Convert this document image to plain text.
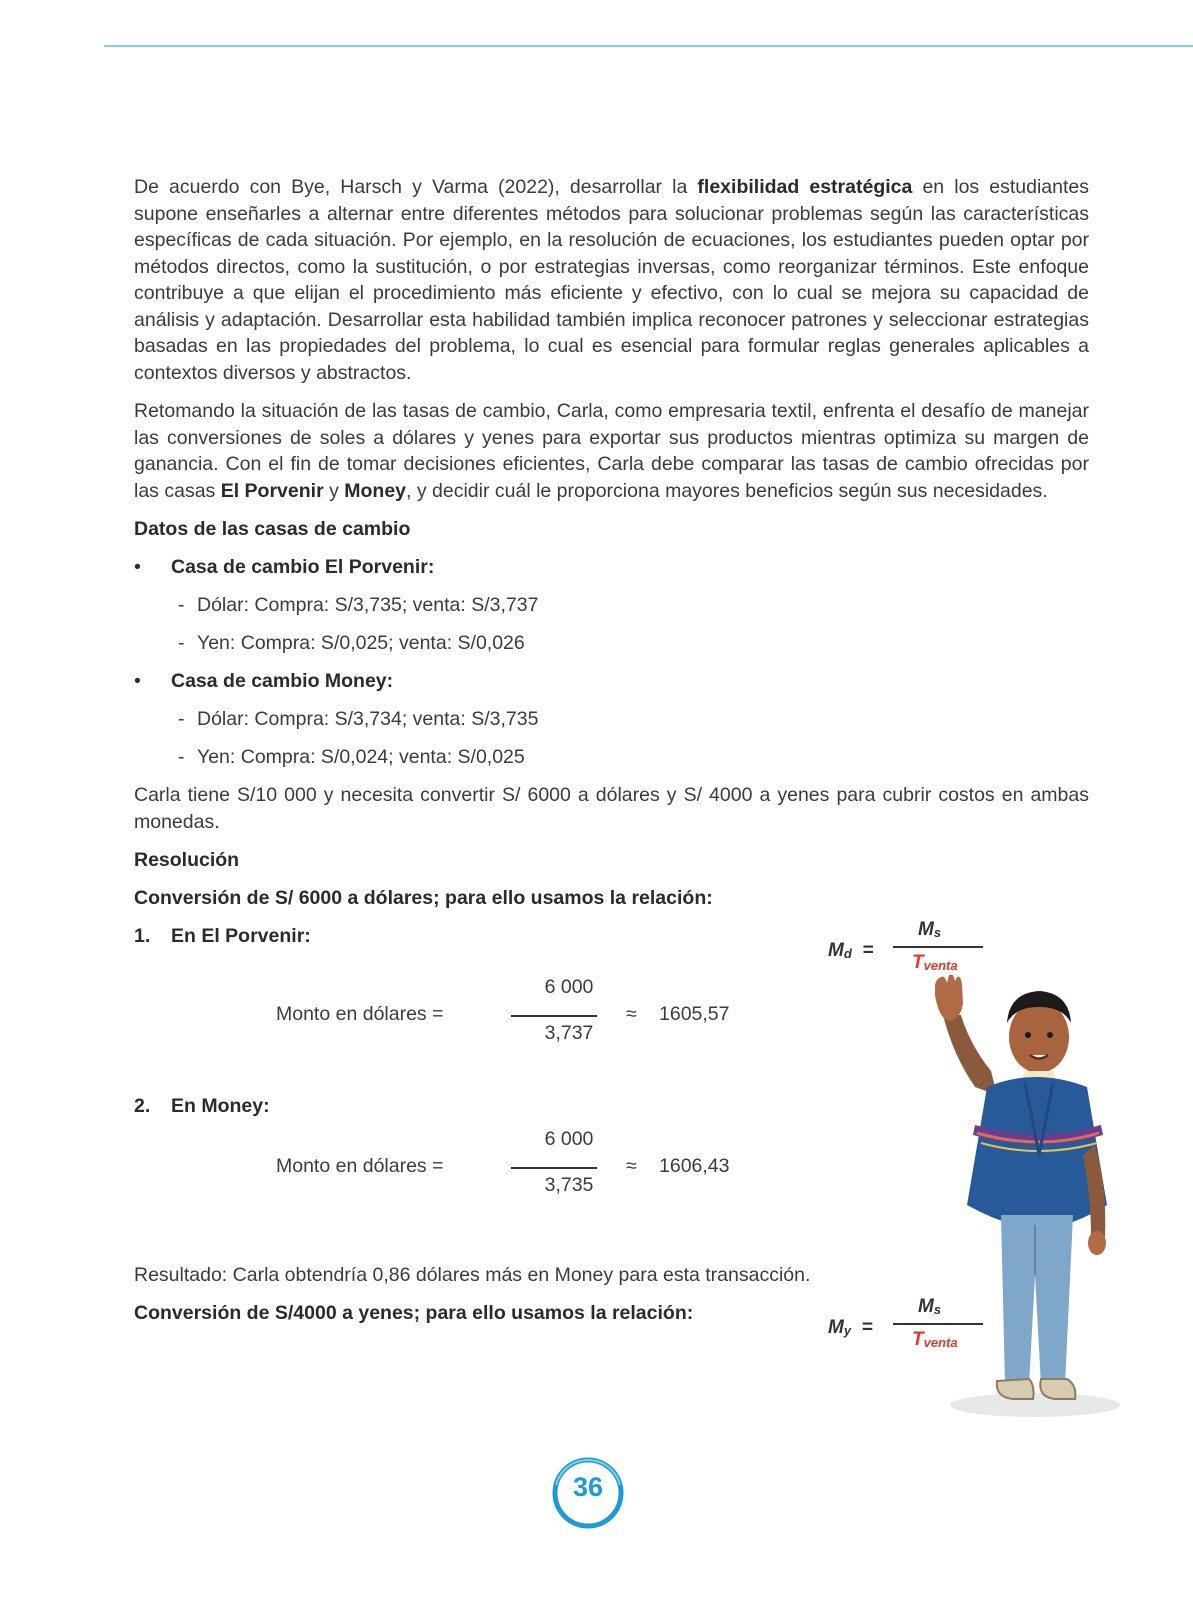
De acuerdo con Bye, Harsch y Varma (2022), desarrollar la flexibilidad estratégica en los estudiantes supone enseñarles a alternar entre diferentes métodos para solucionar problemas según las características específicas de cada situación. Por ejemplo, en la resolución de ecuaciones, los estudiantes pueden optar por métodos directos, como la sustitución, o por estrategias inversas, como reorganizar términos. Este enfoque contribuye a que elijan el procedimiento más eficiente y efectivo, con lo cual se mejora su capacidad de análisis y adaptación. Desarrollar esta habilidad también implica reconocer patrones y seleccionar estrategias basadas en las propiedades del problema, lo cual es esencial para formular reglas generales aplicables a contextos diversos y abstractos.

Retomando la situación de las tasas de cambio, Carla, como empresaria textil, enfrenta el desafío de manejar las conversiones de soles a dólares y yenes para exportar sus productos mientras optimiza su margen de ganancia. Con el fin de tomar decisiones eficientes, Carla debe comparar las tasas de cambio ofrecidas por las casas El Porvenir y Money, y decidir cuál le proporciona mayores beneficios según sus necesidades.

Datos de las casas de cambio
• Casa de cambio El Porvenir:
- Dólar: Compra: S/3,735; venta: S/3,737
- Yen: Compra: S/0,025; venta: S/0,026
• Casa de cambio Money:
- Dólar: Compra: S/3,734; venta: S/3,735
- Yen: Compra: S/0,024; venta: S/0,025

Carla tiene S/10 000 y necesita convertir S/ 6000 a dólares y S/ 4000 a yenes para cubrir costos en ambas monedas.

Resolución
Conversión de S/ 6000 a dólares; para ello usamos la relación:
1. En El Porvenir:
Monto en dólares =
6 000
3,737
≈ 1605,57
2. En Money:
Monto en dólares =
6 000
3,735
≈ 1606,43
Resultado: Carla obtendría 0,86 dólares más en Money para esta transacción.
Conversión de S/4000 a yenes; para ello usamos la relación:
$M_d$ =
$M_s$
$T_{venta}$
$M_y$ =
$M_s$
$T_{venta}$
36
